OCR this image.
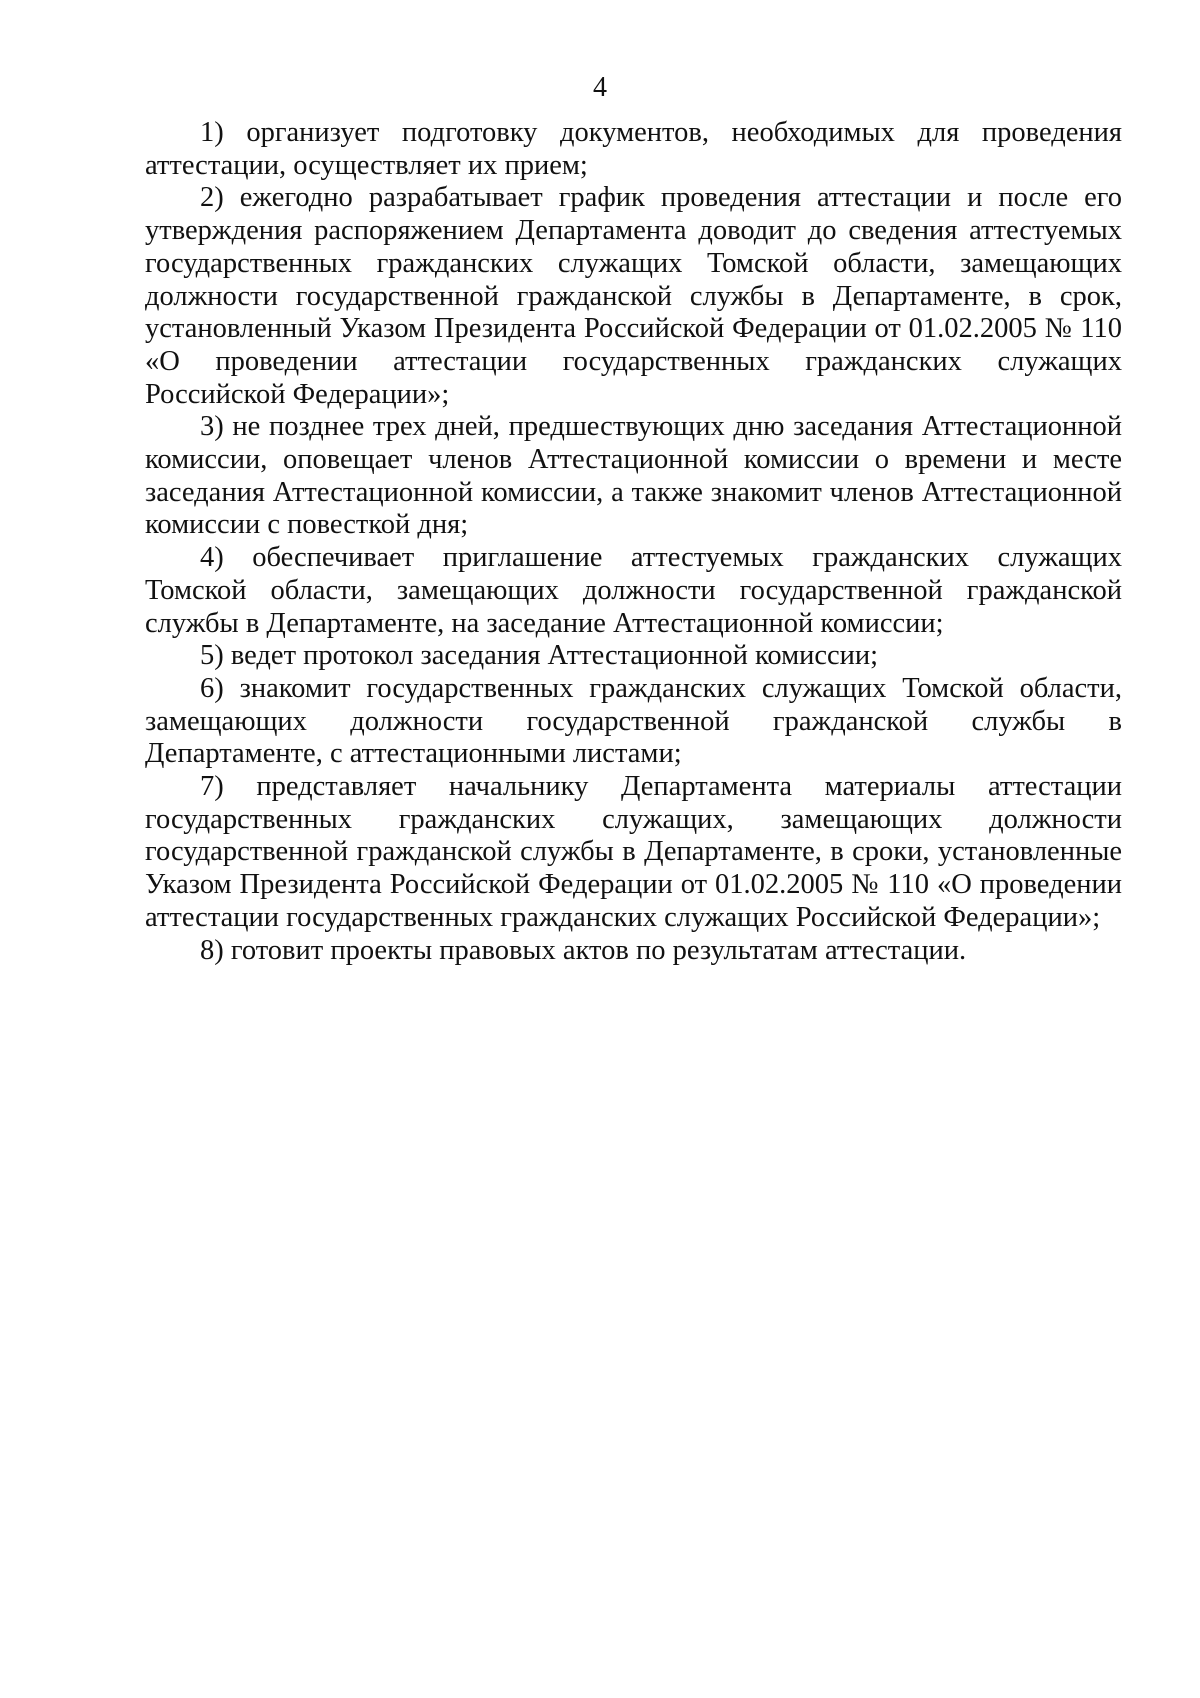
4

1) организует подготовку документов, необходимых для проведения аттестации, осуществляет их прием;

2) ежегодно разрабатывает график проведения аттестации и после его утверждения распоряжением Департамента доводит до сведения аттестуемых государственных гражданских служащих Томской области, замещающих должности государственной гражданской службы в Департаменте, в срок, установленный Указом Президента Российской Федерации от 01.02.2005 № 110 «О проведении аттестации государственных гражданских служащих Российской Федерации»;

3) не позднее трех дней, предшествующих дню заседания Аттестационной комиссии, оповещает членов Аттестационной комиссии о времени и месте заседания Аттестационной комиссии, а также знакомит членов Аттестационной комиссии с повесткой дня;

4) обеспечивает приглашение аттестуемых гражданских служащих Томской области, замещающих должности государственной гражданской службы в Департаменте, на заседание Аттестационной комиссии;

5) ведет протокол заседания Аттестационной комиссии;

6) знакомит государственных гражданских служащих Томской области, замещающих должности государственной гражданской службы в Департаменте, с аттестационными листами;

7) представляет начальнику Департамента материалы аттестации государственных гражданских служащих, замещающих должности государственной гражданской службы в Департаменте, в сроки, установленные Указом Президента Российской Федерации от 01.02.2005 № 110 «О проведении аттестации государственных гражданских служащих Российской Федерации»;

8) готовит проекты правовых актов по результатам аттестации.
